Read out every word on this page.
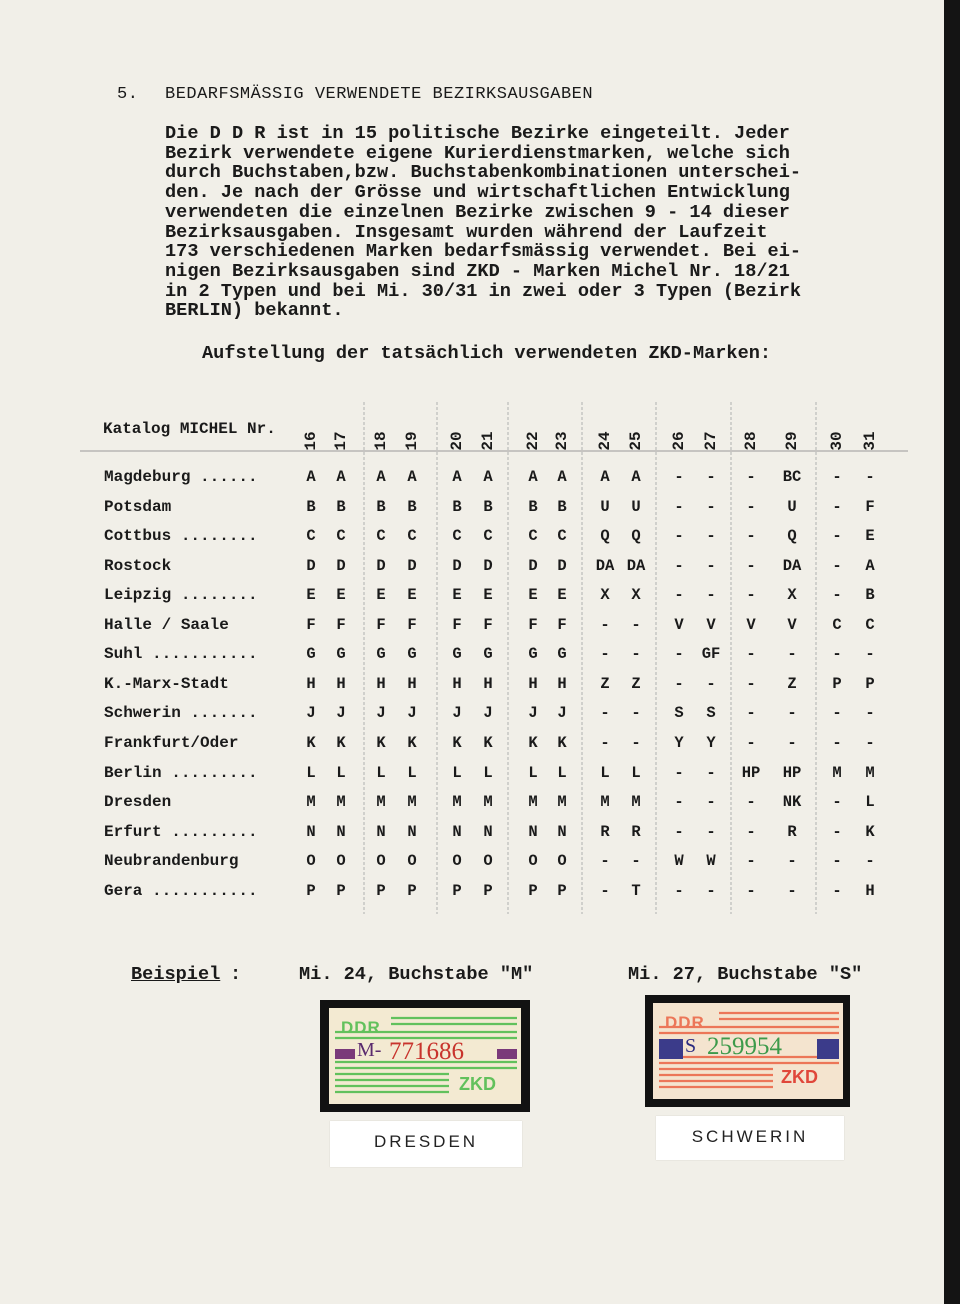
5. BEDARFSMÄSSIG VERWENDETE BEZIRKSAUSGABEN
Die D D R ist in 15 politische Bezirke eingeteilt. Jeder
Bezirk verwendete eigene Kurierdienstmarken, welche sich
durch Buchstaben,bzw. Buchstabenkombinationen unterschei-
den. Je nach der Grösse und wirtschaftlichen Entwicklung
verwendeten die einzelnen Bezirke zwischen 9 - 14 dieser
Bezirksausgaben. Insgesamt wurden während der Laufzeit
173 verschiedenen Marken bedarfsmässig verwendet. Bei ei-
nigen Bezirksausgaben sind ZKD - Marken Michel Nr. 18/21
in 2 Typen und bei Mi. 30/31 in zwei oder 3 Typen (Bezirk
BERLIN) bekannt.
Aufstellung der tatsächlich verwendeten ZKD-Marken:
Katalog MICHEL Nr.
16 17 18 19 20 21 22 23 24 25 26 27 28 29 30 31
Magdeburg ......	A	A	A	A	A	A	A	A	A	A	-	-	-	BC	-	-
Potsdam	B	B	B	B	B	B	B	B	U	U	-	-	-	U	-	F
Cottbus ........	C	C	C	C	C	C	C	C	Q	Q	-	-	-	Q	-	E
Rostock	D	D	D	D	D	D	D	D	DA DA	-	-	-	DA	-	A
Leipzig ........	E	E	E	E	E	E	E	E	X	X	-	-	-	X	-	B
Halle / Saale	F	F	F	F	F	F	F	F	-	-	V	V	V	V	C	C
Suhl ...........	G	G	G	G	G	G	G	G	-	-	-	GF	-	-	-	-
K.-Marx-Stadt	H	H	H	H	H	H	H	H	Z	Z	-	-	-	Z	P	P
Schwerin .......	J	J	J	J	J	J	J	J	-	-	S	S	-	-	-	-
Frankfurt/Oder	K	K	K	K	K	K	K	K	-	-	Y	Y	-	-	-	-
Berlin .........	L	L	L	L	L	L	L	L	L	L	-	-	HP	HP	M	M
Dresden	M	M	M	M	M	M	M	M	M	M	-	-	-	NK	-	L
Erfurt .........	N	N	N	N	N	N	N	N	R	R	-	-	-	R	-	K
Neubrandenburg	O	O	O	O	O	O	O	O	-	-	W	W	-	-	-	-
Gera ...........	P	P	P	P	P	P	P	P	-	T	-	-	-	-	-	H
Beispiel :	Mi. 24, Buchstabe "M"	Mi. 27, Buchstabe "S"
DDR
M- 771686
ZKD
DDR
S 259954
ZKD
DRESDEN	SCHWERIN
